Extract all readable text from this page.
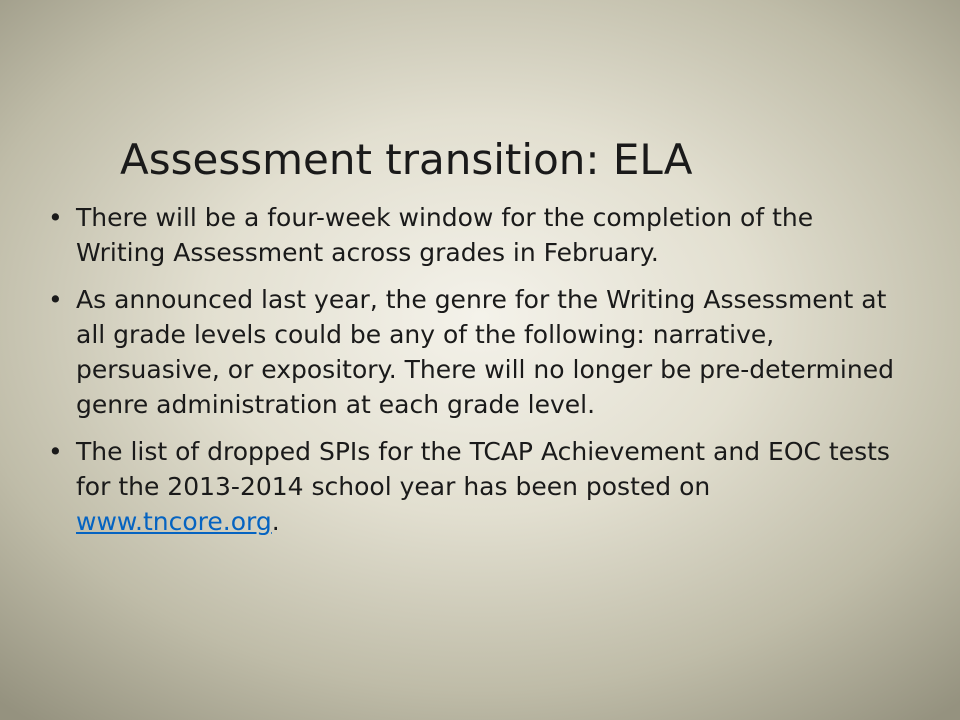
Assessment transition: ELA
• There will be a four-week window for the completion of the Writing Assessment across grades in February.
• As announced last year, the genre for the Writing Assessment at all grade levels could be any of the following: narrative, persuasive, or expository. There will no longer be pre-determined genre administration at each grade level.
• The list of dropped SPIs for the TCAP Achievement and EOC tests for the 2013-2014 school year has been posted on www.tncore.org.
